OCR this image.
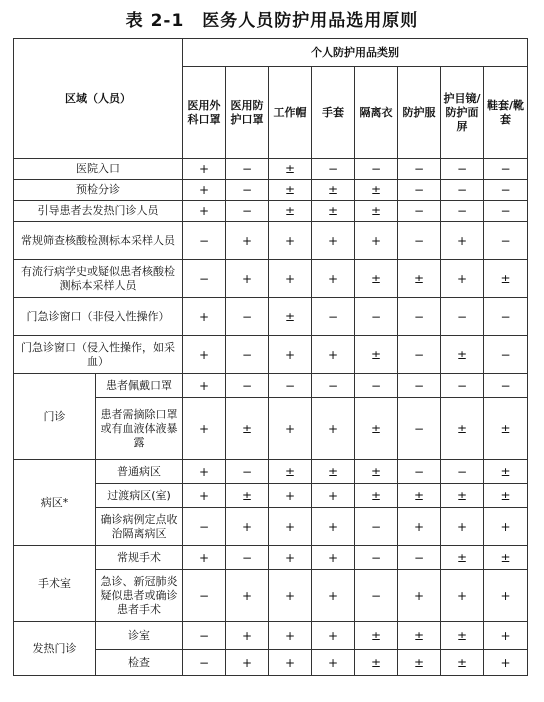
表 2-1　医务人员防护用品选用原则
区域（人员）		个人防护用品类别							
		医用外科口罩	医用防护口罩	工作帽	手套	隔离衣	防护服	护目镜/防护面屏	鞋套/靴套
医院入口		+	−	±	−	−	−	−	−
预检分诊		+	−	±	±	±	−	−	−
引导患者去发热门诊人员		+	−	±	±	±	−	−	−
常规筛查核酸检测标本采样人员		−	+	+	+	+	−	+	−
有流行病学史或疑似患者核酸检测标本采样人员		−	+	+	+	±	±	+	±
门急诊窗口（非侵入性操作）		+	−	±	−	−	−	−	−
门急诊窗口（侵入性操作，如采血）		+	−	+	+	±	−	±	−
门诊	患者佩戴口罩	+	−	−	−	−	−	−	−
	患者需摘除口罩或有血液体液暴露	+	±	+	+	±	−	±	±
病区*	普通病区	+	−	±	±	±	−	−	±
	过渡病区(室)	+	±	+	+	±	±	±	±
	确诊病例定点收治隔离病区	−	+	+	+	−	+	+	+
手术室	常规手术	+	−	+	+	−	−	±	±
	急诊、新冠肺炎疑似患者或确诊患者手术	−	+	+	+	−	+	+	+
发热门诊	诊室	−	+	+	+	±	±	±	+
	检查	−	+	+	+	±	±	±	+
